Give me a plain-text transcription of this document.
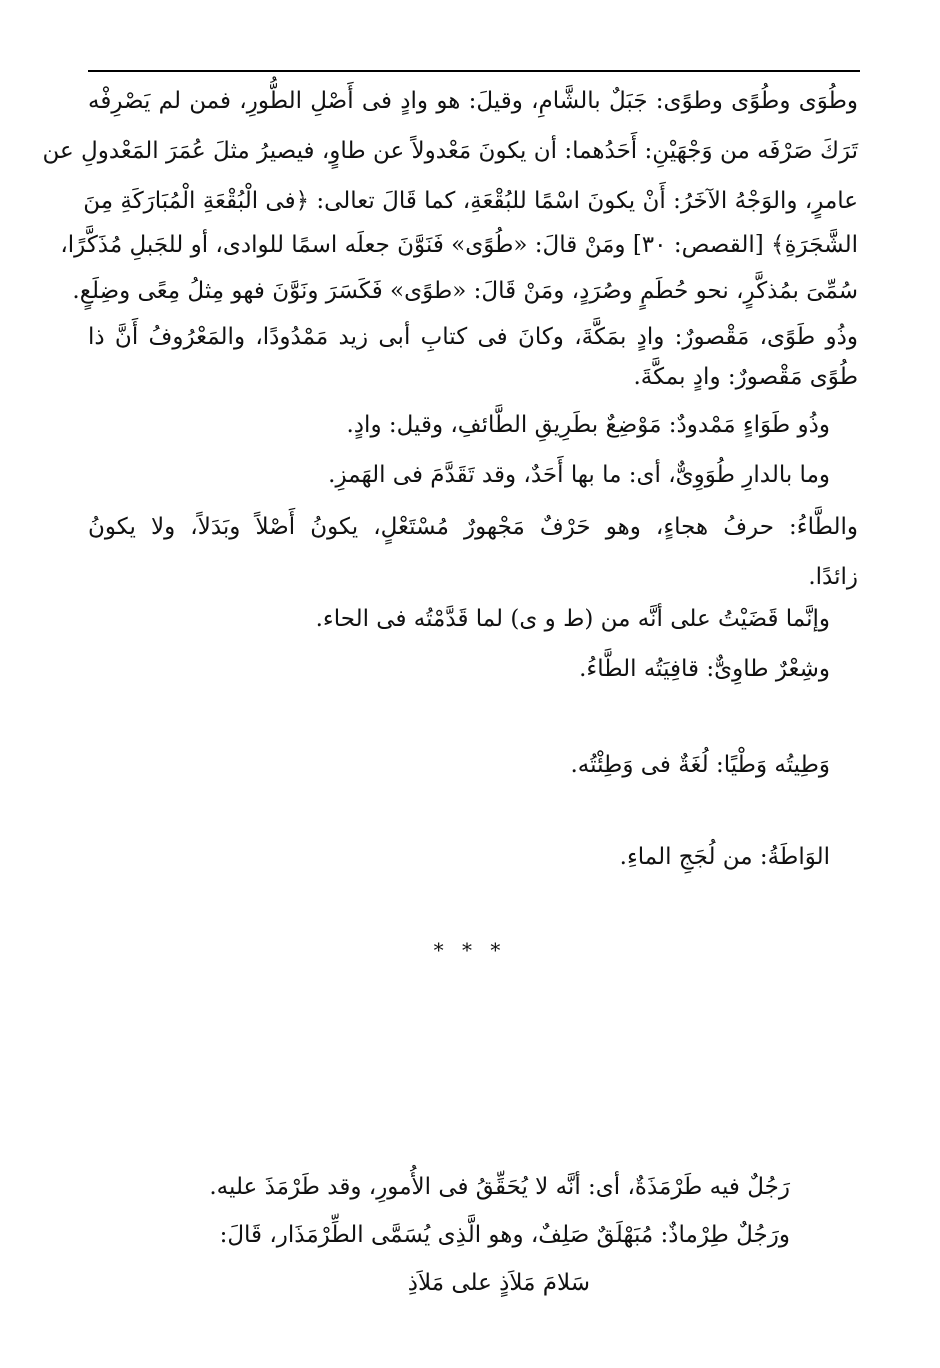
وطُوَى وطُوًى وطوًى: جَبَلٌ بالشَّامِ، وقيلَ: هو وادٍ فى أَصْلِ الطُّورِ، فمن لم يَصْرِفْه
تَرَكَ صَرْفَه من وَجْهَيْنِ: أَحَدُهما: أن يكونَ مَعْدولاً عن طاوٍ، فيصيرُ مثلَ عُمَرَ المَعْدولِ عن
عامرٍ، والوَجْهُ الآخَرُ: أَنْ يكونَ اسْمًا للبُقْعَةِ، كما قَالَ تعالى: ﴿فى الْبُقْعَةِ الْمُبَارَكَةِ مِنَ
الشَّجَرَةِ﴾ [القصص: ٣٠] ومَنْ قالَ: «طُوًى» فَنَوَّنَ جعلَه اسمًا للوادى، أو للجَبلِ مُذَكَّرًا،
سُمِّىَ بمُذكَّرٍ، نحو حُطَمٍ وصُرَدٍ، ومَنْ قَالَ: «طوًى» فَكَسَرَ ونَوَّنَ فهو مِثلُ مِعًى وضِلَعٍ.
وذُو طَوًى، مَقْصورٌ: وادٍ بمَكَّةَ، وكانَ فى كتابِ أبى زيد مَمْدُودًا، والمَعْرُوفُ أَنَّ ذا
طُوًى مَقْصورٌ: وادٍ بمكَّةَ.
وذُو طَوَاءٍ مَمْدودٌ: مَوْضِعٌ بطَرِيقِ الطَّائفِ، وقيل: وادٍ.
وما بالدارِ طُوَوِىٌّ، أى: ما بها أَحَدٌ، وقد تَقَدَّمَ فى الهَمزِ.
والطَّاءُ: حرفُ هجاءٍ، وهو حَرْفٌ مَجْهورٌ مُسْتَعْلٍ، يكونُ أَصْلاً وبَدَلاً، ولا يكونُ
زائدًا.
وإنَّما قَضَيْتُ على أنَّه من (ط و ى) لما قَدَّمْتُه فى الحاء.
وشِعْرٌ طاوِىٌّ: قافِيَتُه الطَّاءُ.
وَطِيتُه وَطْيًا: لُغَةٌ فى وَطِئْتُه.
الوَاطَةُ: من لُجَجِ الماءِ.
* * *
رَجُلٌ فيه طَرْمَذَةٌ، أى: أنَّه لا يُحَقِّقُ فى الأُمورِ، وقد طَرْمَذَ عليه.
ورَجُلٌ طِرْماذٌ: مُبَهْلَقٌ صَلِفٌ، وهو الَّذِى يُسَمَّى الطِّرْمَذَار، قَالَ:
سَلامَ مَلاَذٍ على مَلاَذِ
